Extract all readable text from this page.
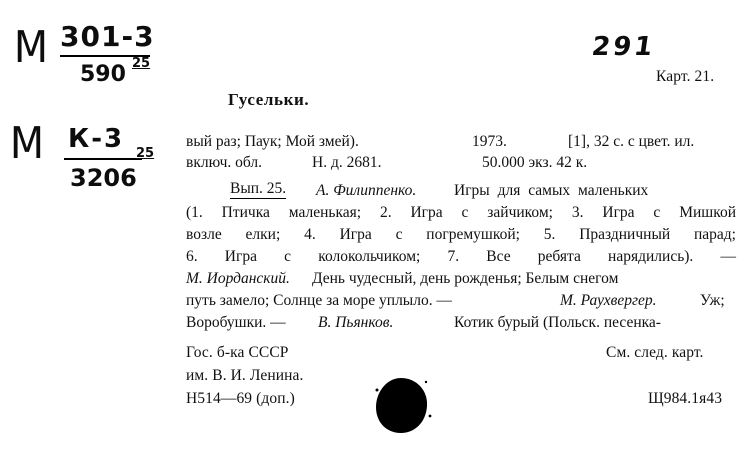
М 301-3
590 25
М К-3
3206
25
291
Карт. 21.
Гусельки.
вый раз; Паук; Мой змей).	1973.	[1], 32 с. с цвет. ил.
включ. обл.	Н. д. 2681.	50.000 экз. 42 к.
Вып. 25. А. Филиппенко. Игры для самых маленьких
(1. Птичка маленькая; 2. Игра с зайчиком; 3. Игра с Мишкой
возле елки; 4. Игра с погремушкой; 5. Праздничный парад;
6. Игра с колокольчиком; 7. Все ребята нарядились). —
М. Иорданский. День чудесный, день рожденья; Белым снегом
путь замело; Солнце за море уплыло. —	М. Раухвергер.	Уж;
Воробушки. — В. Пьянков.	Котик бурый (Польск. песенка-
Гос. б-ка СССР	См. след. карт.
им. В. И. Ленина.
Н514—69 (доп.)	Щ984.1я43
